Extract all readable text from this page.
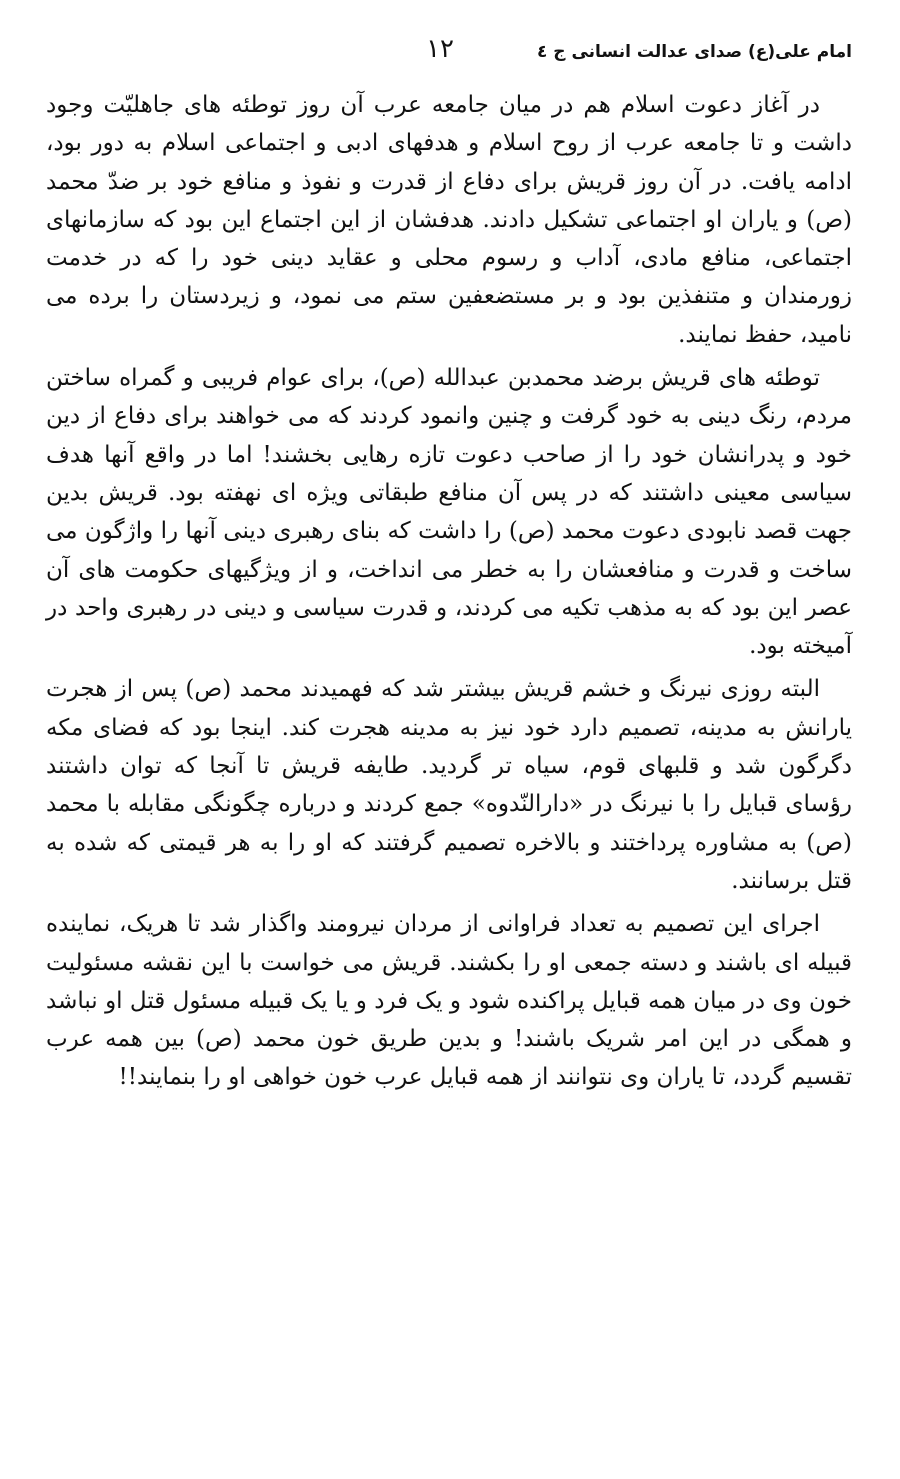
امام علی(ع) صدای عدالت انسانی ج ٤
۱۲

در آغاز دعوت اسلام هم در میان جامعه عرب آن روز توطئه های جاهلیّت وجود داشت و تا جامعه عرب از روح اسلام و هدفهای ادبی و اجتماعی اسلام به دور بود، ادامه یافت. در آن روز قریش برای دفاع از قدرت و نفوذ و منافع خود بر ضدّ محمد (ص) و یاران او اجتماعی تشکیل دادند. هدفشان از این اجتماع این بود که سازمانهای اجتماعی، منافع مادی، آداب و رسوم محلی و عقاید دینی خود را که در خدمت زورمندان و متنفذین بود و بر مستضعفین ستم می نمود، و زیردستان را برده می نامید، حفظ نمایند.

توطئه های قریش برضد محمدبن عبدالله (ص)، برای عوام فریبی و گمراه ساختن مردم، رنگ دینی به خود گرفت و چنین وانمود کردند که می خواهند برای دفاع از دین خود و پدرانشان خود را از صاحب دعوت تازه رهایی بخشند! اما در واقع آنها هدف سیاسی معینی داشتند که در پس آن منافع طبقاتی ویژه ای نهفته بود. قریش بدین جهت قصد نابودی دعوت محمد (ص) را داشت که بنای رهبری دینی آنها را واژگون می ساخت و قدرت و منافعشان را به خطر می انداخت، و از ویژگیهای حکومت های آن عصر این بود که به مذهب تکیه می کردند، و قدرت سیاسی و دینی در رهبری واحد در آمیخته بود.

البته روزی نیرنگ و خشم قریش بیشتر شد که فهمیدند محمد (ص) پس از هجرت یارانش به مدینه، تصمیم دارد خود نیز به مدینه هجرت کند. اینجا بود که فضای مکه دگرگون شد و قلبهای قوم، سیاه تر گردید. طایفه قریش تا آنجا که توان داشتند رؤسای قبایل را با نیرنگ در «دارالنّدوه» جمع کردند و درباره چگونگی مقابله با محمد (ص) به مشاوره پرداختند و بالاخره تصمیم گرفتند که او را به هر قیمتی که شده به قتل برسانند.

اجرای این تصمیم به تعداد فراوانی از مردان نیرومند واگذار شد تا هریک، نماینده قبیله ای باشند و دسته جمعی او را بکشند. قریش می خواست با این نقشه مسئولیت خون وی در میان همه قبایل پراکنده شود و یک فرد و یا یک قبیله مسئول قتل او نباشد و همگی در این امر شریک باشند! و بدین طریق خون محمد (ص) بین همه عرب تقسیم گردد، تا یاران وی نتوانند از همه قبایل عرب خون خواهی او را بنمایند!!
